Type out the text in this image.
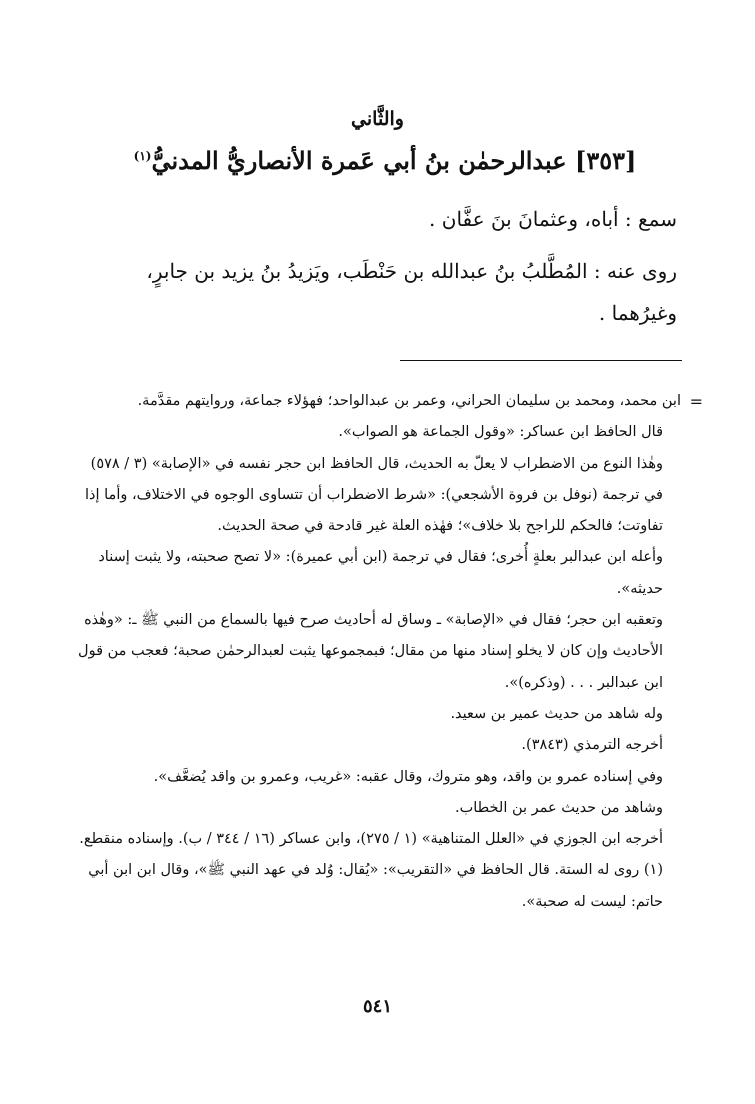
والثَّاني
[٣٥٣] عبدالرحمٰن بنُ أبي عَمرة الأنصاريُّ المدنيُّ$^{(١)}$
سمع : أباه، وعثمانَ بنَ عفَّان .
روى عنه : المُطَّلبُ بنُ عبدالله بن حَنْطَب، ويَزيدُ بنُ يزيد بن جابرٍ، وغيرُهما .

=
ابن محمد، ومحمد بن سليمان الحراني، وعمر بن عبدالواحد؛ فهؤلاء جماعة، وروايتهم مقدَّمة.

قال الحافظ ابن عساكر: «وقول الجماعة هو الصواب».

وهٰذا النوع من الاضطراب لا يعلّ به الحديث، قال الحافظ ابن حجر نفسه في «الإصابة» (٣ / ٥٧٨) في ترجمة (نوفل بن فروة الأشجعي): «شرط الاضطراب أن تتساوى الوجوه في الاختلاف، وأما إذا تفاوتت؛ فالحكم للراجح بلا خلاف»؛ فهٰذه العلة غير قادحة في صحة الحديث.

وأعله ابن عبدالبر بعلةٍ أُخرى؛ فقال في ترجمة (ابن أبي عميرة): «لا تصح صحبته، ولا يثبت إسناد حديثه».

وتعقبه ابن حجر؛ فقال في «الإصابة» ـ وساق له أحاديث صرح فيها بالسماع من النبي ﷺ ـ: «وهٰذه الأحاديث وإن كان لا يخلو إسناد منها من مقال؛ فبمجموعها يثبت لعبدالرحمٰن صحبة؛ فعجب من قول ابن عبدالبر . . . (وذكره)».

وله شاهد من حديث عمير بن سعيد.

أخرجه الترمذي (٣٨٤٣).

وفي إسناده عمرو بن واقد، وهو متروك، وقال عقبه: «غريب، وعمرو بن واقد يُضعَّف».

وشاهد من حديث عمر بن الخطاب.

أخرجه ابن الجوزي في «العلل المتناهية» (١ / ٢٧٥)، وابن عساكر (١٦ / ٣٤٤ / ب). وإسناده منقطع.

(١) روى له الستة. قال الحافظ في «التقريب»: «يُقال: وُلد في عهد النبي ﷺ»، وقال ابن ابن أبي حاتم: ليست له صحبة».

٥٤١
